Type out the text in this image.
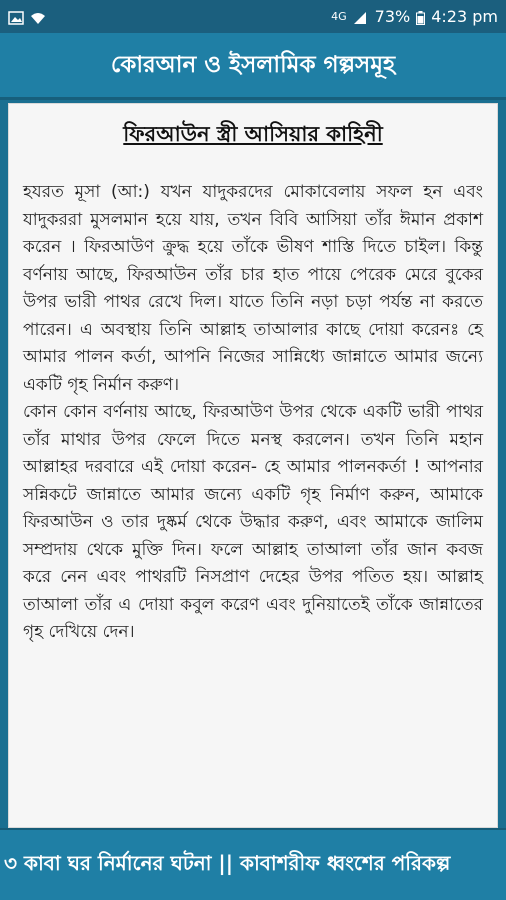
4G 73% 4:23 pm
কোরআন ও ইসলামিক গল্পসমূহ
ফিরআউন স্ত্রী আসিয়ার কাহিনী

হযরত মূসা (আ:) যখন যাদুকরদের মোকাবেলায় সফল হন এবং যাদুকররা মুসলমান হয়ে যায়, তখন বিবি আসিয়া তাঁর ঈমান প্রকাশ করেন । ফিরআউণ ক্রুদ্ধ হয়ে তাঁকে ভীষণ শাস্তি দিতে চাইল। কিন্তু বর্ণনায় আছে, ফিরআউন তাঁর চার হাত পায়ে পেরেক মেরে বুকের উপর ভারী পাথর রেখে দিল। যাতে তিনি নড়া চড়া পর্যন্ত না করতে পারেন। এ অবস্থায় তিনি আল্লাহ তাআলার কাছে দোয়া করেনঃ হে আমার পালন কর্তা, আপনি নিজের সান্নিধ্যে জান্নাতে আমার জন্যে একটি গৃহ নির্মান করুণ।

কোন কোন বর্ণনায় আছে, ফিরআউণ উপর থেকে একটি ভারী পাথর তাঁর মাথার উপর ফেলে দিতে মনস্থ করলেন। তখন তিনি মহান আল্লাহর দরবারে এই দোয়া করেন- হে আমার পালনকর্তা ! আপনার সন্নিকটে জান্নাতে আমার জন্যে একটি গৃহ নির্মাণ করুন, আমাকে ফিরআউন ও তার দুষ্কর্ম থেকে উদ্ধার করুণ, এবং আমাকে জালিম সম্প্রদায় থেকে মুক্তি দিন। ফলে আল্লাহ তাআলা তাঁর জান কবজ করে নেন এবং পাথরটি নিসপ্রাণ দেহের উপর পতিত হয়। আল্লাহ তাআলা তাঁর এ দোয়া কবুল করেণ এবং দুনিয়াতেই তাঁকে জান্নাতের গৃহ দেখিয়ে দেন।

৩ কাবা ঘর নির্মানের ঘটনা || কাবাশরীফ ধ্বংশের পরিকল্প
